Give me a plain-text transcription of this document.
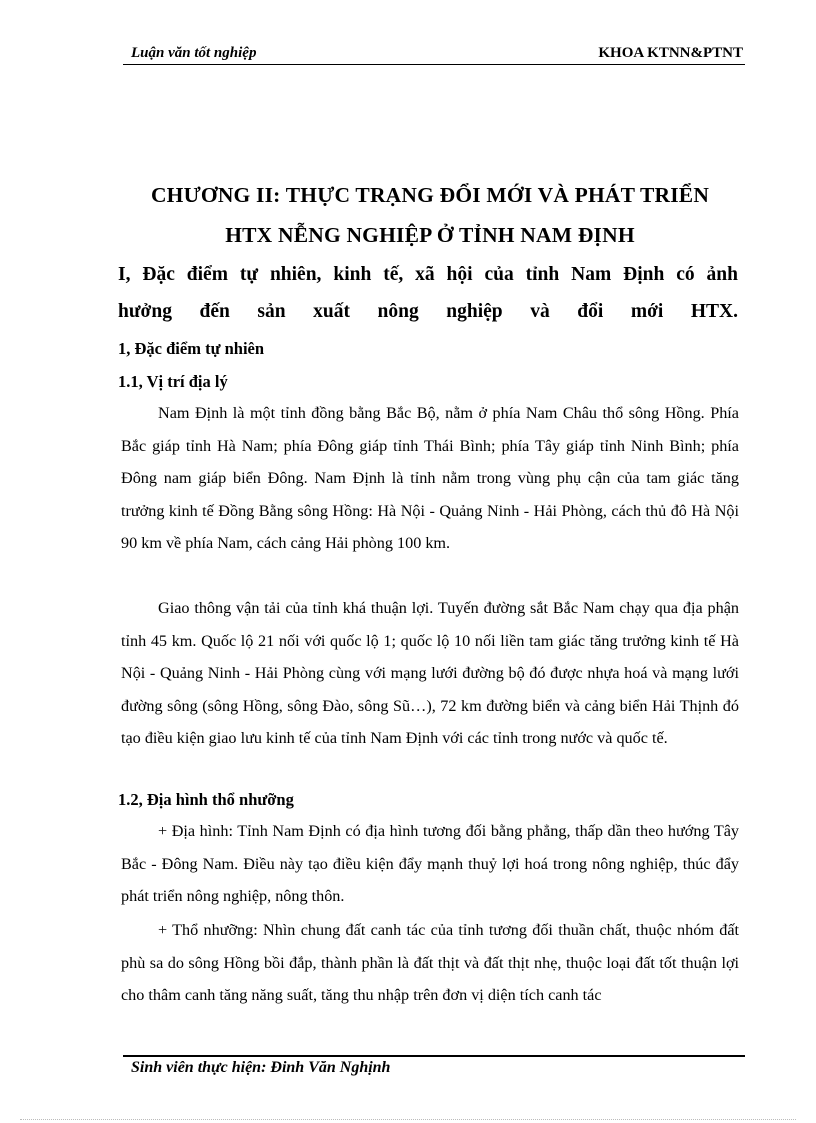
Luận văn tốt nghiệp	KHOA KTNN&PTNT
CHƯƠNG II: THỰC TRẠNG ĐỔI MỚI VÀ PHÁT TRIỂN
HTX NỄNG NGHIỆP Ở TỈNH NAM ĐỊNH
I, Đặc điểm tự nhiên, kinh tế, xã hội của tỉnh Nam Định có ảnh
hưởng đến sản xuất nông nghiệp và đổi mới HTX.
1, Đặc điểm tự nhiên
1.1, Vị trí địa lý
Nam Định là một tỉnh đồng bằng Bắc Bộ, nằm ở phía Nam Châu thổ sông Hồng. Phía Bắc giáp tỉnh Hà Nam; phía Đông giáp tỉnh Thái Bình; phía Tây giáp tỉnh Ninh Bình; phía Đông nam giáp biển Đông. Nam Định là tỉnh nằm trong vùng phụ cận của tam giác tăng trưởng kinh tế Đồng Bằng sông Hồng: Hà Nội - Quảng Ninh - Hải Phòng, cách thủ đô Hà Nội 90 km về phía Nam, cách cảng Hải phòng 100 km.
Giao thông vận tải của tỉnh khá thuận lợi. Tuyến đường sắt Bắc Nam chạy qua địa phận tỉnh 45 km. Quốc lộ 21 nối với quốc lộ 1; quốc lộ 10 nối liền tam giác tăng trưởng kinh tế Hà Nội - Quảng Ninh - Hải Phòng cùng với mạng lưới đường bộ đó được nhựa hoá và mạng lưới đường sông (sông Hồng, sông Đào, sông Sũ…), 72 km đường biển và cảng biển Hải Thịnh đó tạo điều kiện giao lưu kinh tế của tỉnh Nam Định với các tỉnh trong nước và quốc tế.
1.2, Địa hình thổ nhưỡng
+ Địa hình: Tỉnh Nam Định có địa hình tương đối bằng phẳng, thấp dần theo hướng Tây Bắc - Đông Nam. Điều này tạo điều kiện đẩy mạnh thuỷ lợi hoá trong nông nghiệp, thúc đẩy phát triển nông nghiệp, nông thôn.
+ Thổ nhưỡng: Nhìn chung đất canh tác của tỉnh tương đối thuần chất, thuộc nhóm đất phù sa do sông Hồng bồi đắp, thành phần là đất thịt và đất thịt nhẹ, thuộc loại đất tốt thuận lợi cho thâm canh tăng năng suất, tăng thu nhập trên đơn vị diện tích canh tác
Sinh viên thực hiện: Đinh Văn Nghịnh
